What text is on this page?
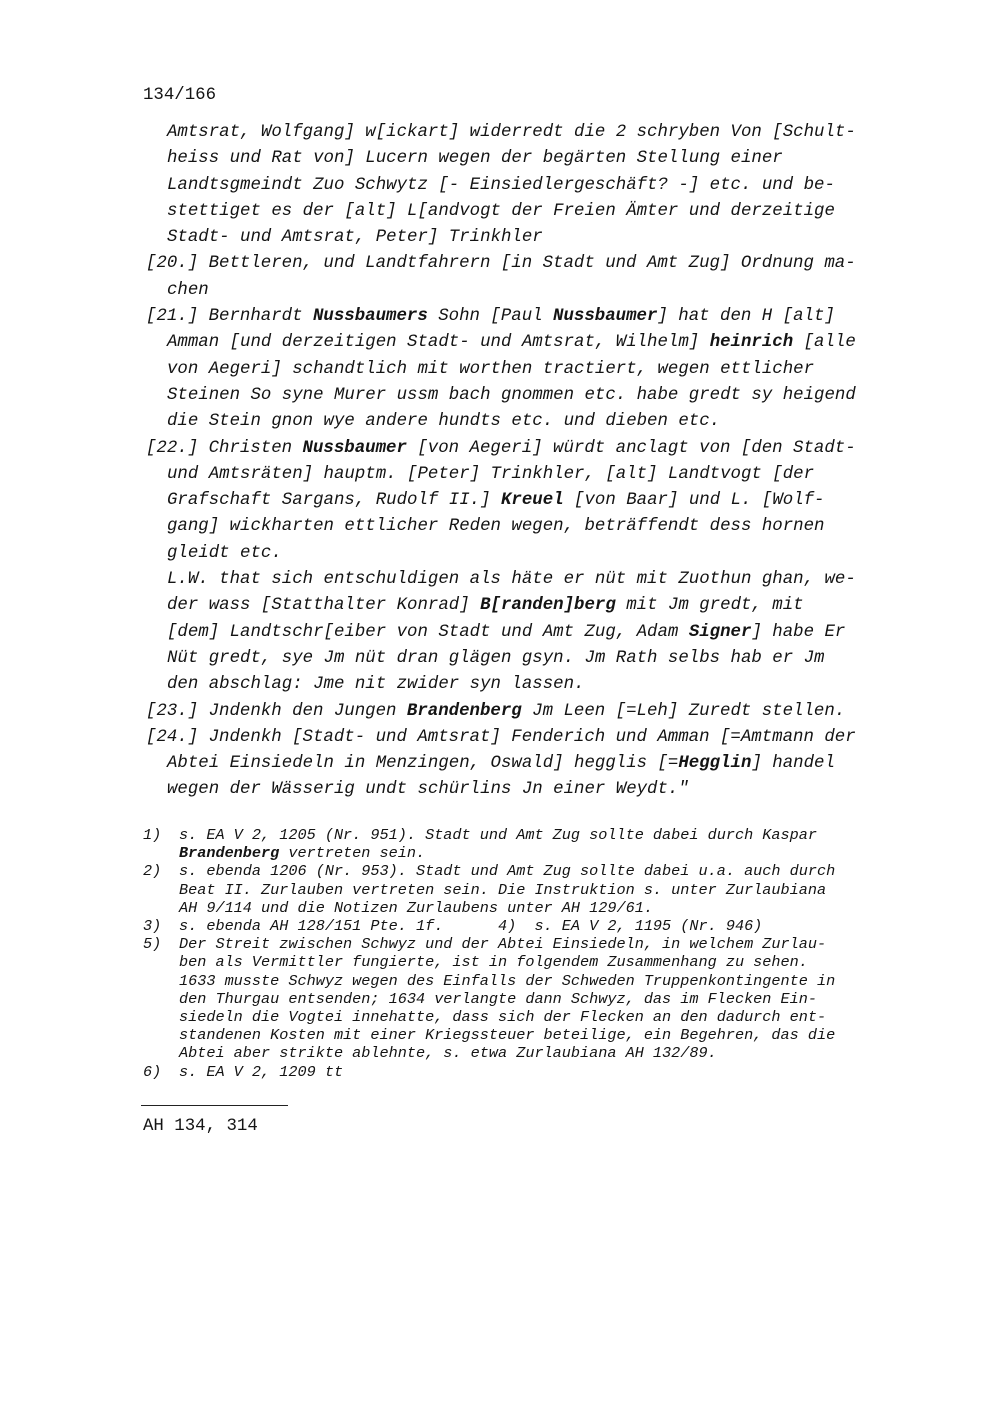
134/166
Amtsrat, Wolfgang] w[ickart] widerredt die 2 schryben Von [Schult-
heiss und Rat von] Lucern wegen der begärten Stellung einer
Landtsgmeindt Zuo Schwytz [- Einsiedlergeschäft? -] etc. und be-
stettiget es der [alt] L[andvogt der Freien Ämter und derzeitige
Stadt- und Amtsrat, Peter] Trinkhler
[20.] Bettleren, und Landtfahrern [in Stadt und Amt Zug] Ordnung ma-
chen
[21.] Bernhardt Nussbaumers Sohn [Paul Nussbaumer] hat den H [alt]
Amman [und derzeitigen Stadt- und Amtsrat, Wilhelm] heinrich [alle
von Aegeri] schandtlich mit worthen tractiert, wegen ettlicher
Steinen So syne Murer ussm bach gnommen etc. habe gredt sy heigend
die Stein gnon wye andere hundts etc. und dieben etc.
[22.] Christen Nussbaumer [von Aegeri] würdt anclagt von [den Stadt-
und Amtsräten] hauptm. [Peter] Trinkhler, [alt] Landtvogt [der
Grafschaft Sargans, Rudolf II.] Kreuel [von Baar] und L. [Wolf-
gang] wickharten ettlicher Reden wegen, beträffendt dess hornen
gleidt etc.
L.W. that sich entschuldigen als häte er nüt mit Zuothun ghan, we-
der wass [Statthalter Konrad] B[randen]berg mit Jm gredt, mit
[dem] Landtschr[eiber von Stadt und Amt Zug, Adam Signer] habe Er
Nüt gredt, sye Jm nüt dran glägen gsyn. Jm Rath selbs hab er Jm
den abschlag: Jme nit zwider syn lassen.
[23.] Jndenkh den Jungen Brandenberg Jm Leen [=Leh] Zuredt stellen.
[24.] Jndenkh [Stadt- und Amtsrat] Fenderich und Amman [=Amtmann der
Abtei Einsiedeln in Menzingen, Oswald] hegglis [=Hegglin] handel
wegen der Wässerig undt schürlins Jn einer Weydt."
1) s. EA V 2, 1205 (Nr. 951). Stadt und Amt Zug sollte dabei durch Kaspar
Brandenberg vertreten sein.
2) s. ebenda 1206 (Nr. 953). Stadt und Amt Zug sollte dabei u.a. auch durch
Beat II. Zurlauben vertreten sein. Die Instruktion s. unter Zurlaubiana
AH 9/114 und die Notizen Zurlaubens unter AH 129/61.
3) s. ebenda AH 128/151 Pte. 1f.      4)  s. EA V 2, 1195 (Nr. 946)
5) Der Streit zwischen Schwyz und der Abtei Einsiedeln, in welchem Zurlau-
ben als Vermittler fungierte, ist in folgendem Zusammenhang zu sehen.
1633 musste Schwyz wegen des Einfalls der Schweden Truppenkontingente in
den Thurgau entsenden; 1634 verlangte dann Schwyz, das im Flecken Ein-
siedeln die Vogtei innehatte, dass sich der Flecken an den dadurch ent-
standenen Kosten mit einer Kriegssteuer beteilige, ein Begehren, das die
Abtei aber strikte ablehnte, s. etwa Zurlaubiana AH 132/89.
6) s. EA V 2, 1209 tt
AH 134, 314
